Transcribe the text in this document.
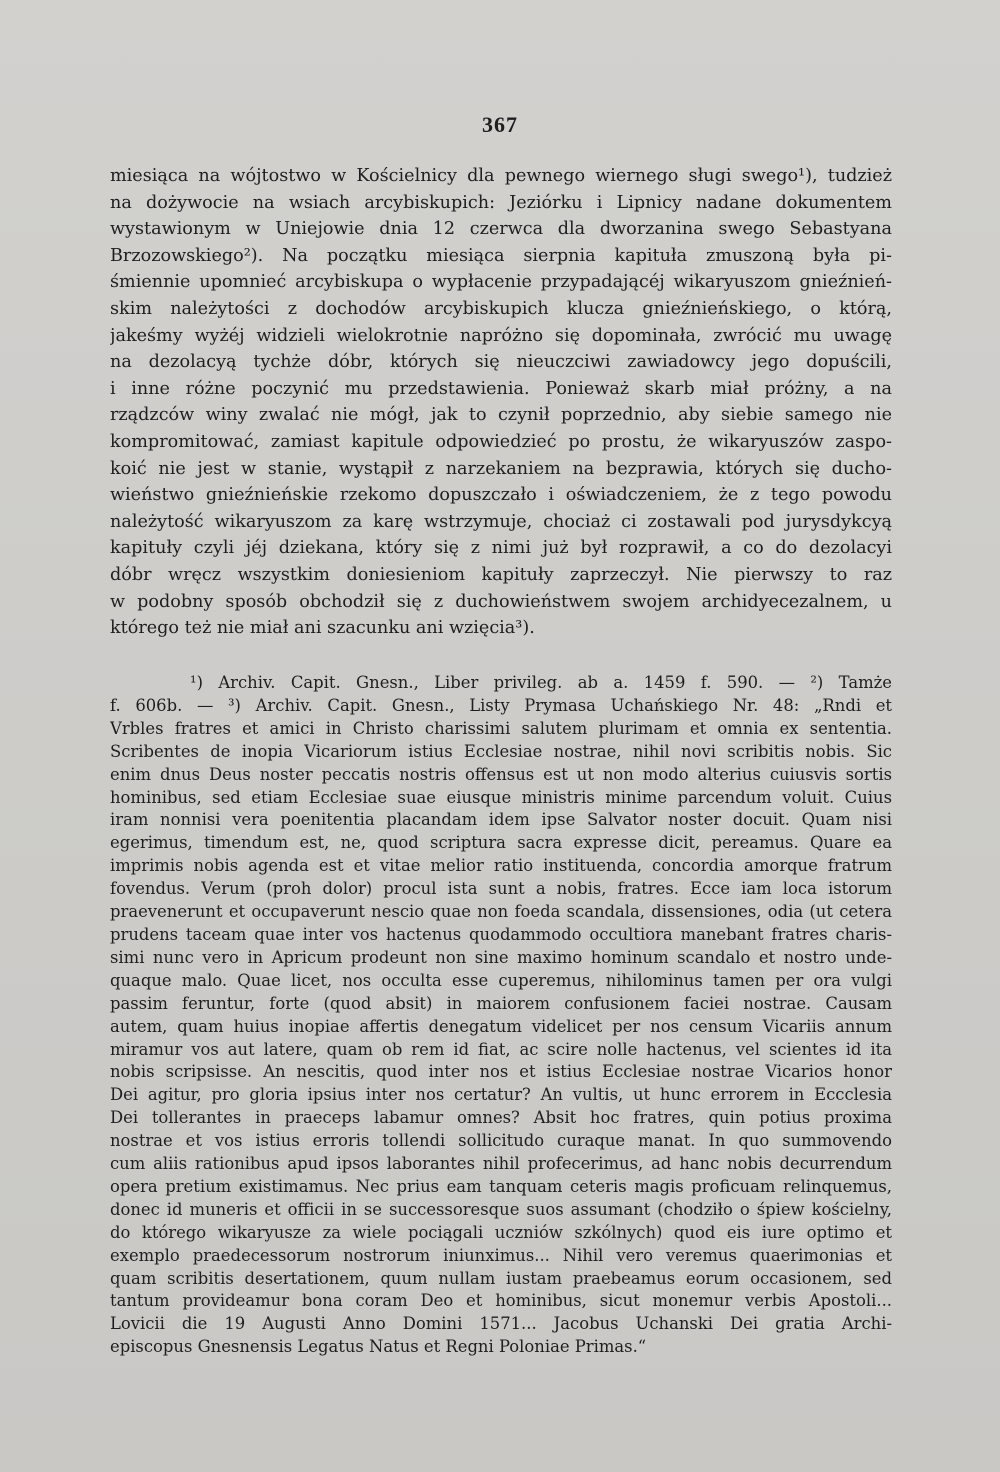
367
miesiąca na wójtostwo w Kościelnicy dla pewnego wiernego sługi swego¹), tudzież
na dożywocie na wsiach arcybiskupich: Jeziórku i Lipnicy nadane dokumentem
wystawionym w Uniejowie dnia 12 czerwca dla dworzanina swego Sebastyana
Brzozowskiego²). Na początku miesiąca sierpnia kapituła zmuszoną była pi-
śmiennie upomnieć arcybiskupa o wypłacenie przypadającéj wikaryuszom gnieźnień-
skim należytości z dochodów arcybiskupich klucza gnieźnieńskiego, o którą,
jakeśmy wyżéj widzieli wielokrotnie napróżno się dopominała, zwrócić mu uwagę
na dezolacyą tychże dóbr, których się nieuczciwi zawiadowcy jego dopuścili,
i inne różne poczynić mu przedstawienia. Ponieważ skarb miał próżny, a na
rządzców winy zwalać nie mógł, jak to czynił poprzednio, aby siebie samego nie
kompromitować, zamiast kapitule odpowiedzieć po prostu, że wikaryuszów zaspo-
koić nie jest w stanie, wystąpił z narzekaniem na bezprawia, których się ducho-
wieństwo gnieźnieńskie rzekomo dopuszczało i oświadczeniem, że z tego powodu
należytość wikaryuszom za karę wstrzymuje, chociaż ci zostawali pod jurysdykcyą
kapituły czyli jéj dziekana, który się z nimi już był rozprawił, a co do dezolacyi
dóbr wręcz wszystkim doniesieniom kapituły zaprzeczył. Nie pierwszy to raz
w podobny sposób obchodził się z duchowieństwem swojem archidyecezalnem, u
którego też nie miał ani szacunku ani wzięcia³).
¹) Archiv. Capit. Gnesn., Liber privileg. ab a. 1459 f. 590. — ²) Tamże
f. 606b. — ³) Archiv. Capit. Gnesn., Listy Prymasa Uchańskiego Nr. 48: „Rndi et
Vrbles fratres et amici in Christo charissimi salutem plurimam et omnia ex sententia.
Scribentes de inopia Vicariorum istius Ecclesiae nostrae, nihil novi scribitis nobis. Sic
enim dnus Deus noster peccatis nostris offensus est ut non modo alterius cuiusvis sortis
hominibus, sed etiam Ecclesiae suae eiusque ministris minime parcendum voluit. Cuius
iram nonnisi vera poenitentia placandam idem ipse Salvator noster docuit. Quam nisi
egerimus, timendum est, ne, quod scriptura sacra expresse dicit, pereamus. Quare ea
imprimis nobis agenda est et vitae melior ratio instituenda, concordia amorque fratrum
fovendus. Verum (proh dolor) procul ista sunt a nobis, fratres. Ecce iam loca istorum
praevenerunt et occupaverunt nescio quae non foeda scandala, dissensiones, odia (ut cetera
prudens taceam quae inter vos hactenus quodammodo occultiora manebant fratres charis-
simi nunc vero in Apricum prodeunt non sine maximo hominum scandalo et nostro unde-
quaque malo. Quae licet, nos occulta esse cuperemus, nihilominus tamen per ora vulgi
passim feruntur, forte (quod absit) in maiorem confusionem faciei nostrae. Causam
autem, quam huius inopiae affertis denegatum videlicet per nos censum Vicariis annum
miramur vos aut latere, quam ob rem id fiat, ac scire nolle hactenus, vel scientes id ita
nobis scripsisse. An nescitis, quod inter nos et istius Ecclesiae nostrae Vicarios honor
Dei agitur, pro gloria ipsius inter nos certatur? An vultis, ut hunc errorem in Eccclesia
Dei tollerantes in praeceps labamur omnes? Absit hoc fratres, quin potius proxima
nostrae et vos istius erroris tollendi sollicitudo curaque manat. In quo summovendo
cum aliis rationibus apud ipsos laborantes nihil profecerimus, ad hanc nobis decurrendum
opera pretium existimamus. Nec prius eam tanquam ceteris magis proficuam relinquemus,
donec id muneris et officii in se successoresque suos assumant (chodziło o śpiew kościelny,
do którego wikaryusze za wiele pociągali uczniów szkólnych) quod eis iure optimo et
exemplo praedecessorum nostrorum iniunximus... Nihil vero veremus quaerimonias et
quam scribitis desertationem, quum nullam iustam praebeamus eorum occasionem, sed
tantum provideamur bona coram Deo et hominibus, sicut monemur verbis Apostoli...
Lovicii die 19 Augusti Anno Domini 1571... Jacobus Uchanski Dei gratia Archi-
episcopus Gnesnensis Legatus Natus et Regni Poloniae Primas.“
